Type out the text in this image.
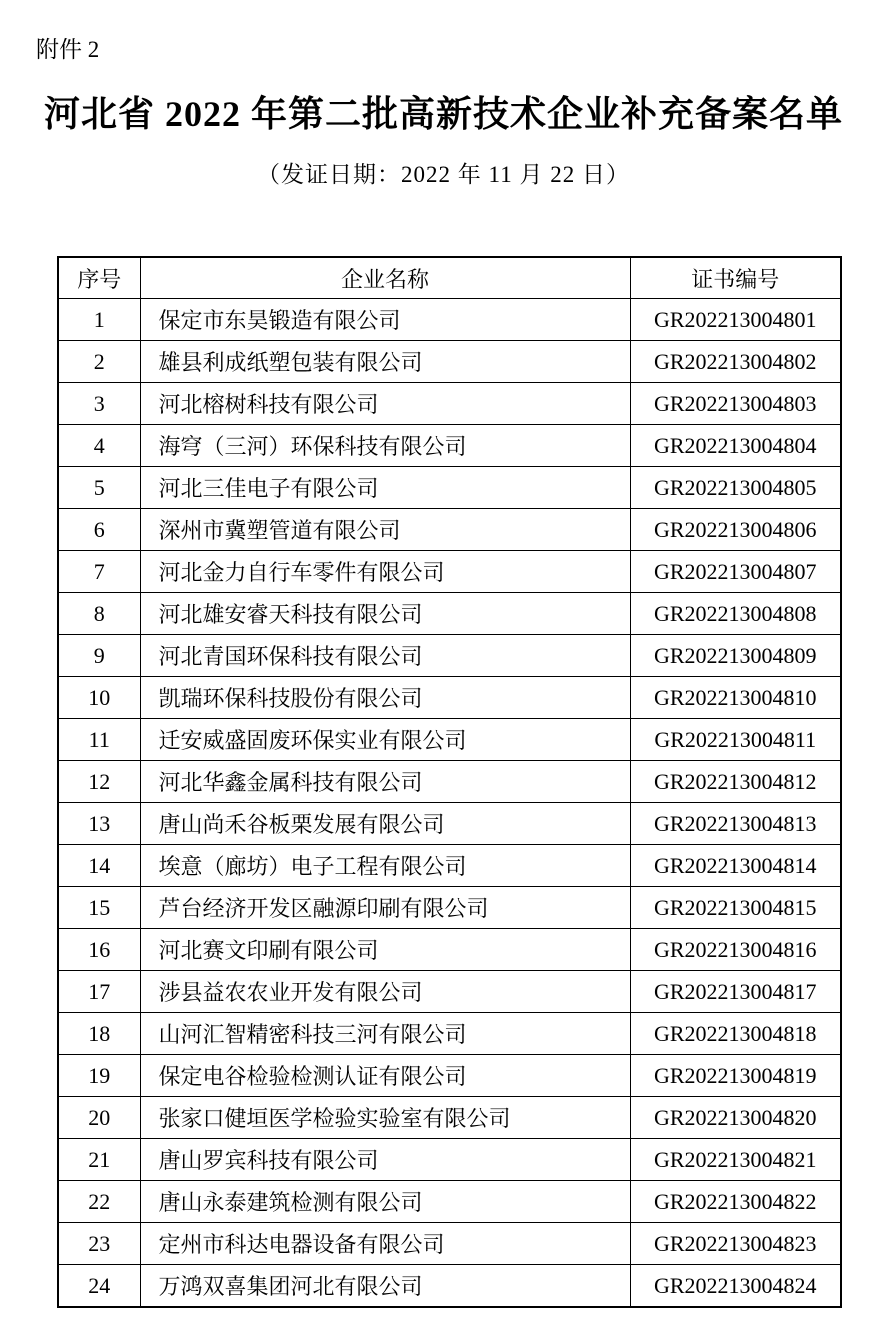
附件 2
河北省 2022 年第二批高新技术企业补充备案名单
（发证日期：2022 年 11 月 22 日）
序号	企业名称	证书编号
1	保定市东昊锻造有限公司	GR202213004801
2	雄县利成纸塑包装有限公司	GR202213004802
3	河北榕树科技有限公司	GR202213004803
4	海穹（三河）环保科技有限公司	GR202213004804
5	河北三佳电子有限公司	GR202213004805
6	深州市冀塑管道有限公司	GR202213004806
7	河北金力自行车零件有限公司	GR202213004807
8	河北雄安睿天科技有限公司	GR202213004808
9	河北青国环保科技有限公司	GR202213004809
10	凯瑞环保科技股份有限公司	GR202213004810
11	迁安威盛固废环保实业有限公司	GR202213004811
12	河北华鑫金属科技有限公司	GR202213004812
13	唐山尚禾谷板栗发展有限公司	GR202213004813
14	埃意（廊坊）电子工程有限公司	GR202213004814
15	芦台经济开发区融源印刷有限公司	GR202213004815
16	河北赛文印刷有限公司	GR202213004816
17	涉县益农农业开发有限公司	GR202213004817
18	山河汇智精密科技三河有限公司	GR202213004818
19	保定电谷检验检测认证有限公司	GR202213004819
20	张家口健垣医学检验实验室有限公司	GR202213004820
21	唐山罗宾科技有限公司	GR202213004821
22	唐山永泰建筑检测有限公司	GR202213004822
23	定州市科达电器设备有限公司	GR202213004823
24	万鸿双喜集团河北有限公司	GR202213004824
